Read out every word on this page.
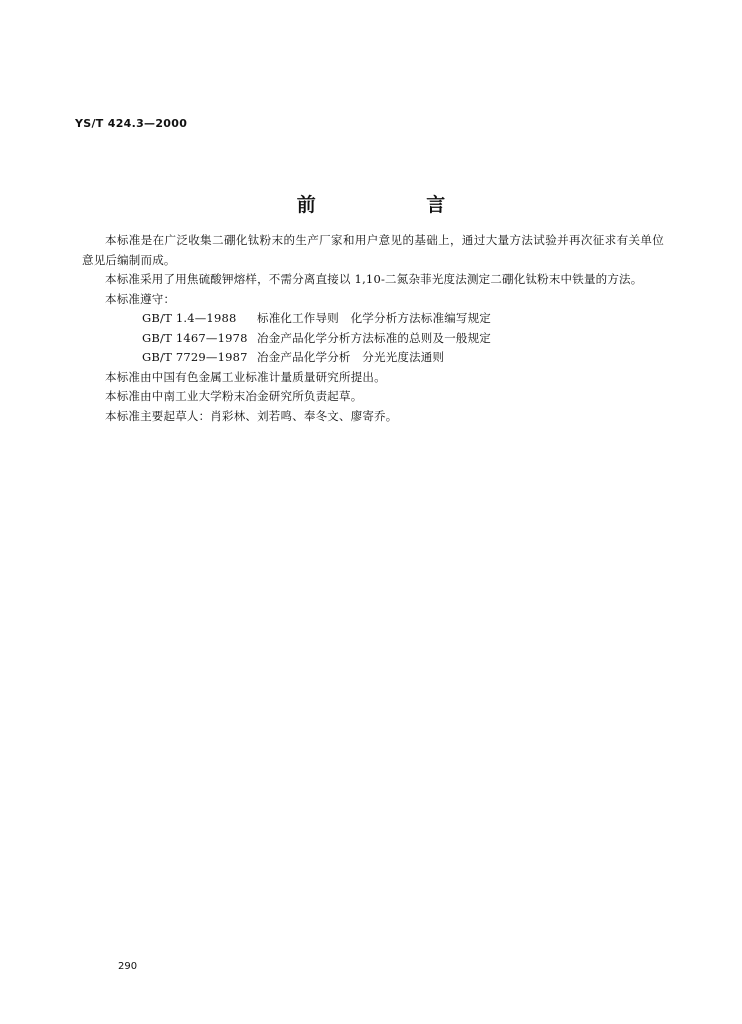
YS/T 424.3—2000
前 言

本标准是在广泛收集二硼化钛粉末的生产厂家和用户意见的基础上，通过大量方法试验并再次征求有关单位意见后编制而成。

本标准采用了用焦硫酸钾熔样，不需分离直接以 1,10-二氮杂菲光度法测定二硼化钛粉末中铁量的方法。

本标准遵守：

GB/T 1.4—1988 标准化工作导则　化学分析方法标准编写规定
GB/T 1467—1978 冶金产品化学分析方法标准的总则及一般规定
GB/T 7729—1987 冶金产品化学分析　分光光度法通则

本标准由中国有色金属工业标准计量质量研究所提出。

本标准由中南工业大学粉末冶金研究所负责起草。

本标准主要起草人：肖彩林、刘若鸣、奉冬文、廖寄乔。

290
